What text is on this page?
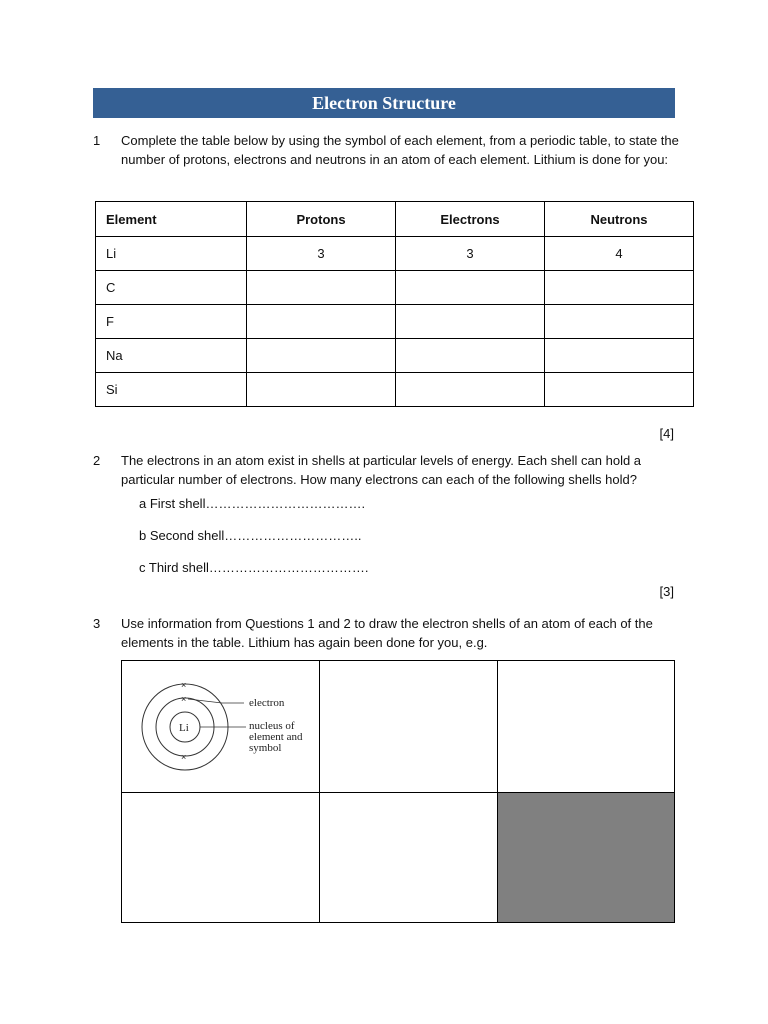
Electron Structure
1 Complete the table below by using the symbol of each element, from a periodic table, to state the number of protons, electrons and neutrons in an atom of each element. Lithium is done for you:
Element	Protons	Electrons	Neutrons
Li	3	3	4
C			
F			
Na			
Si			
[4]
2 The electrons in an atom exist in shells at particular levels of energy. Each shell can hold a particular number of electrons. How many electrons can each of the following shells hold?
a First shell……………………………….
b Second shell…………………………..
c Third shell……………………………….
[3]
3 Use information from Questions 1 and 2 to draw the electron shells of an atom of each of the elements in the table. Lithium has again been done for you, e.g.
Li
×
×
×
electron
nucleus of
element and
symbol
